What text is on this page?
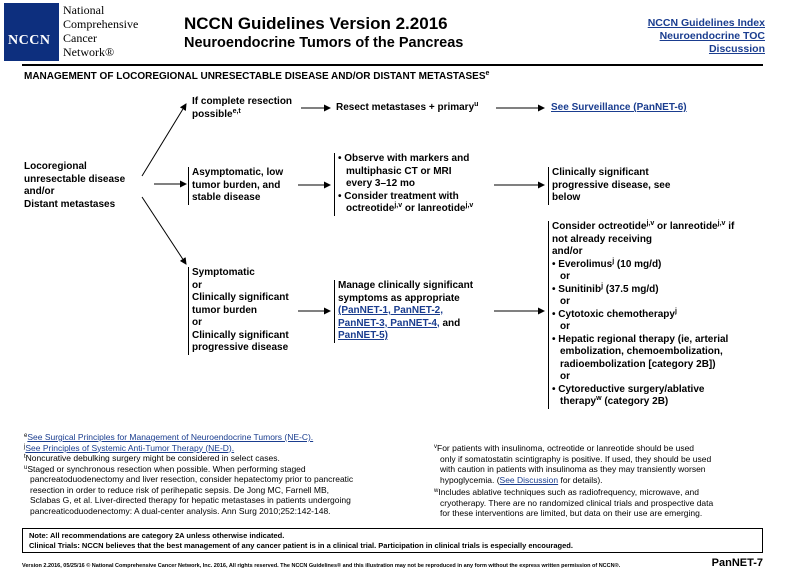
NCCN
National
Comprehensive
Cancer
Network®
NCCN Guidelines Version 2.2016
Neuroendocrine Tumors of the Pancreas
NCCN Guidelines Index
Neuroendocrine TOC
Discussion
MANAGEMENT OF LOCOREGIONAL UNRESECTABLE DISEASE AND/OR DISTANT METASTASES$^e$
Locoregional
unresectable disease
and/or
Distant metastases
If complete resection
possible$^{e,t}$	Resect metastases + primary$^u$	See Surveillance (PanNET-6)
Asymptomatic, low
tumor burden, and
stable disease
• Observe with markers and
multiphasic CT or MRI
every 3–12 mo
• Consider treatment with
octreotide$^{j,v}$ or lanreotide$^{j,v}$
Clinically significant
progressive disease, see
below
Symptomatic
or
Clinically significant
tumor burden
or
Clinically significant
progressive disease
Manage clinically significant
symptoms as appropriate
(PanNET-1, PanNET-2,
PanNET-3, PanNET-4, and
PanNET-5)
Consider octreotide$^{j,v}$ or lanreotide$^{j,v}$ if
not already receiving
and/or
• Everolimus$^j$ (10 mg/d)
or
• Sunitinib$^j$ (37.5 mg/d)
or
• Cytotoxic chemotherapy$^j$
or
• Hepatic regional therapy (ie, arterial
embolization, chemoembolization,
radioembolization [category 2B])
or
• Cytoreductive surgery/ablative
therapy$^w$ (category 2B)
$^e$See Surgical Principles for Management of Neuroendocrine Tumors (NE-C).
$^j$See Principles of Systemic Anti-Tumor Therapy (NE-D).
$^t$Noncurative debulking surgery might be considered in select cases.
$^u$Staged or synchronous resection when possible. When performing staged
pancreatoduodenectomy and liver resection, consider hepatectomy prior to pancreatic
resection in order to reduce risk of perihepatic sepsis. De Jong MC, Farnell MB,
Sclabas G, et al. Liver-directed therapy for hepatic metastases in patients undergoing
pancreaticoduodenectomy: A dual-center analysis. Ann Surg 2010;252:142-148.
$^v$For patients with insulinoma, octreotide or lanreotide should be used
only if somatostatin scintigraphy is positive. If used, they should be used
with caution in patients with insulinoma as they may transiently worsen
hypoglycemia. (See Discussion for details).
$^w$Includes ablative techniques such as radiofrequency, microwave, and
cryotherapy. There are no randomized clinical trials and prospective data
for these interventions are limited, but data on their use are emerging.
Note: All recommendations are category 2A unless otherwise indicated.
Clinical Trials: NCCN believes that the best management of any cancer patient is in a clinical trial. Participation in clinical trials is especially encouraged.
Version 2.2016, 05/25/16 © National Comprehensive Cancer Network, Inc. 2016, All rights reserved. The NCCN Guidelines® and this illustration may not be reproduced in any form without the express written permission of NCCN®.	PanNET-7
